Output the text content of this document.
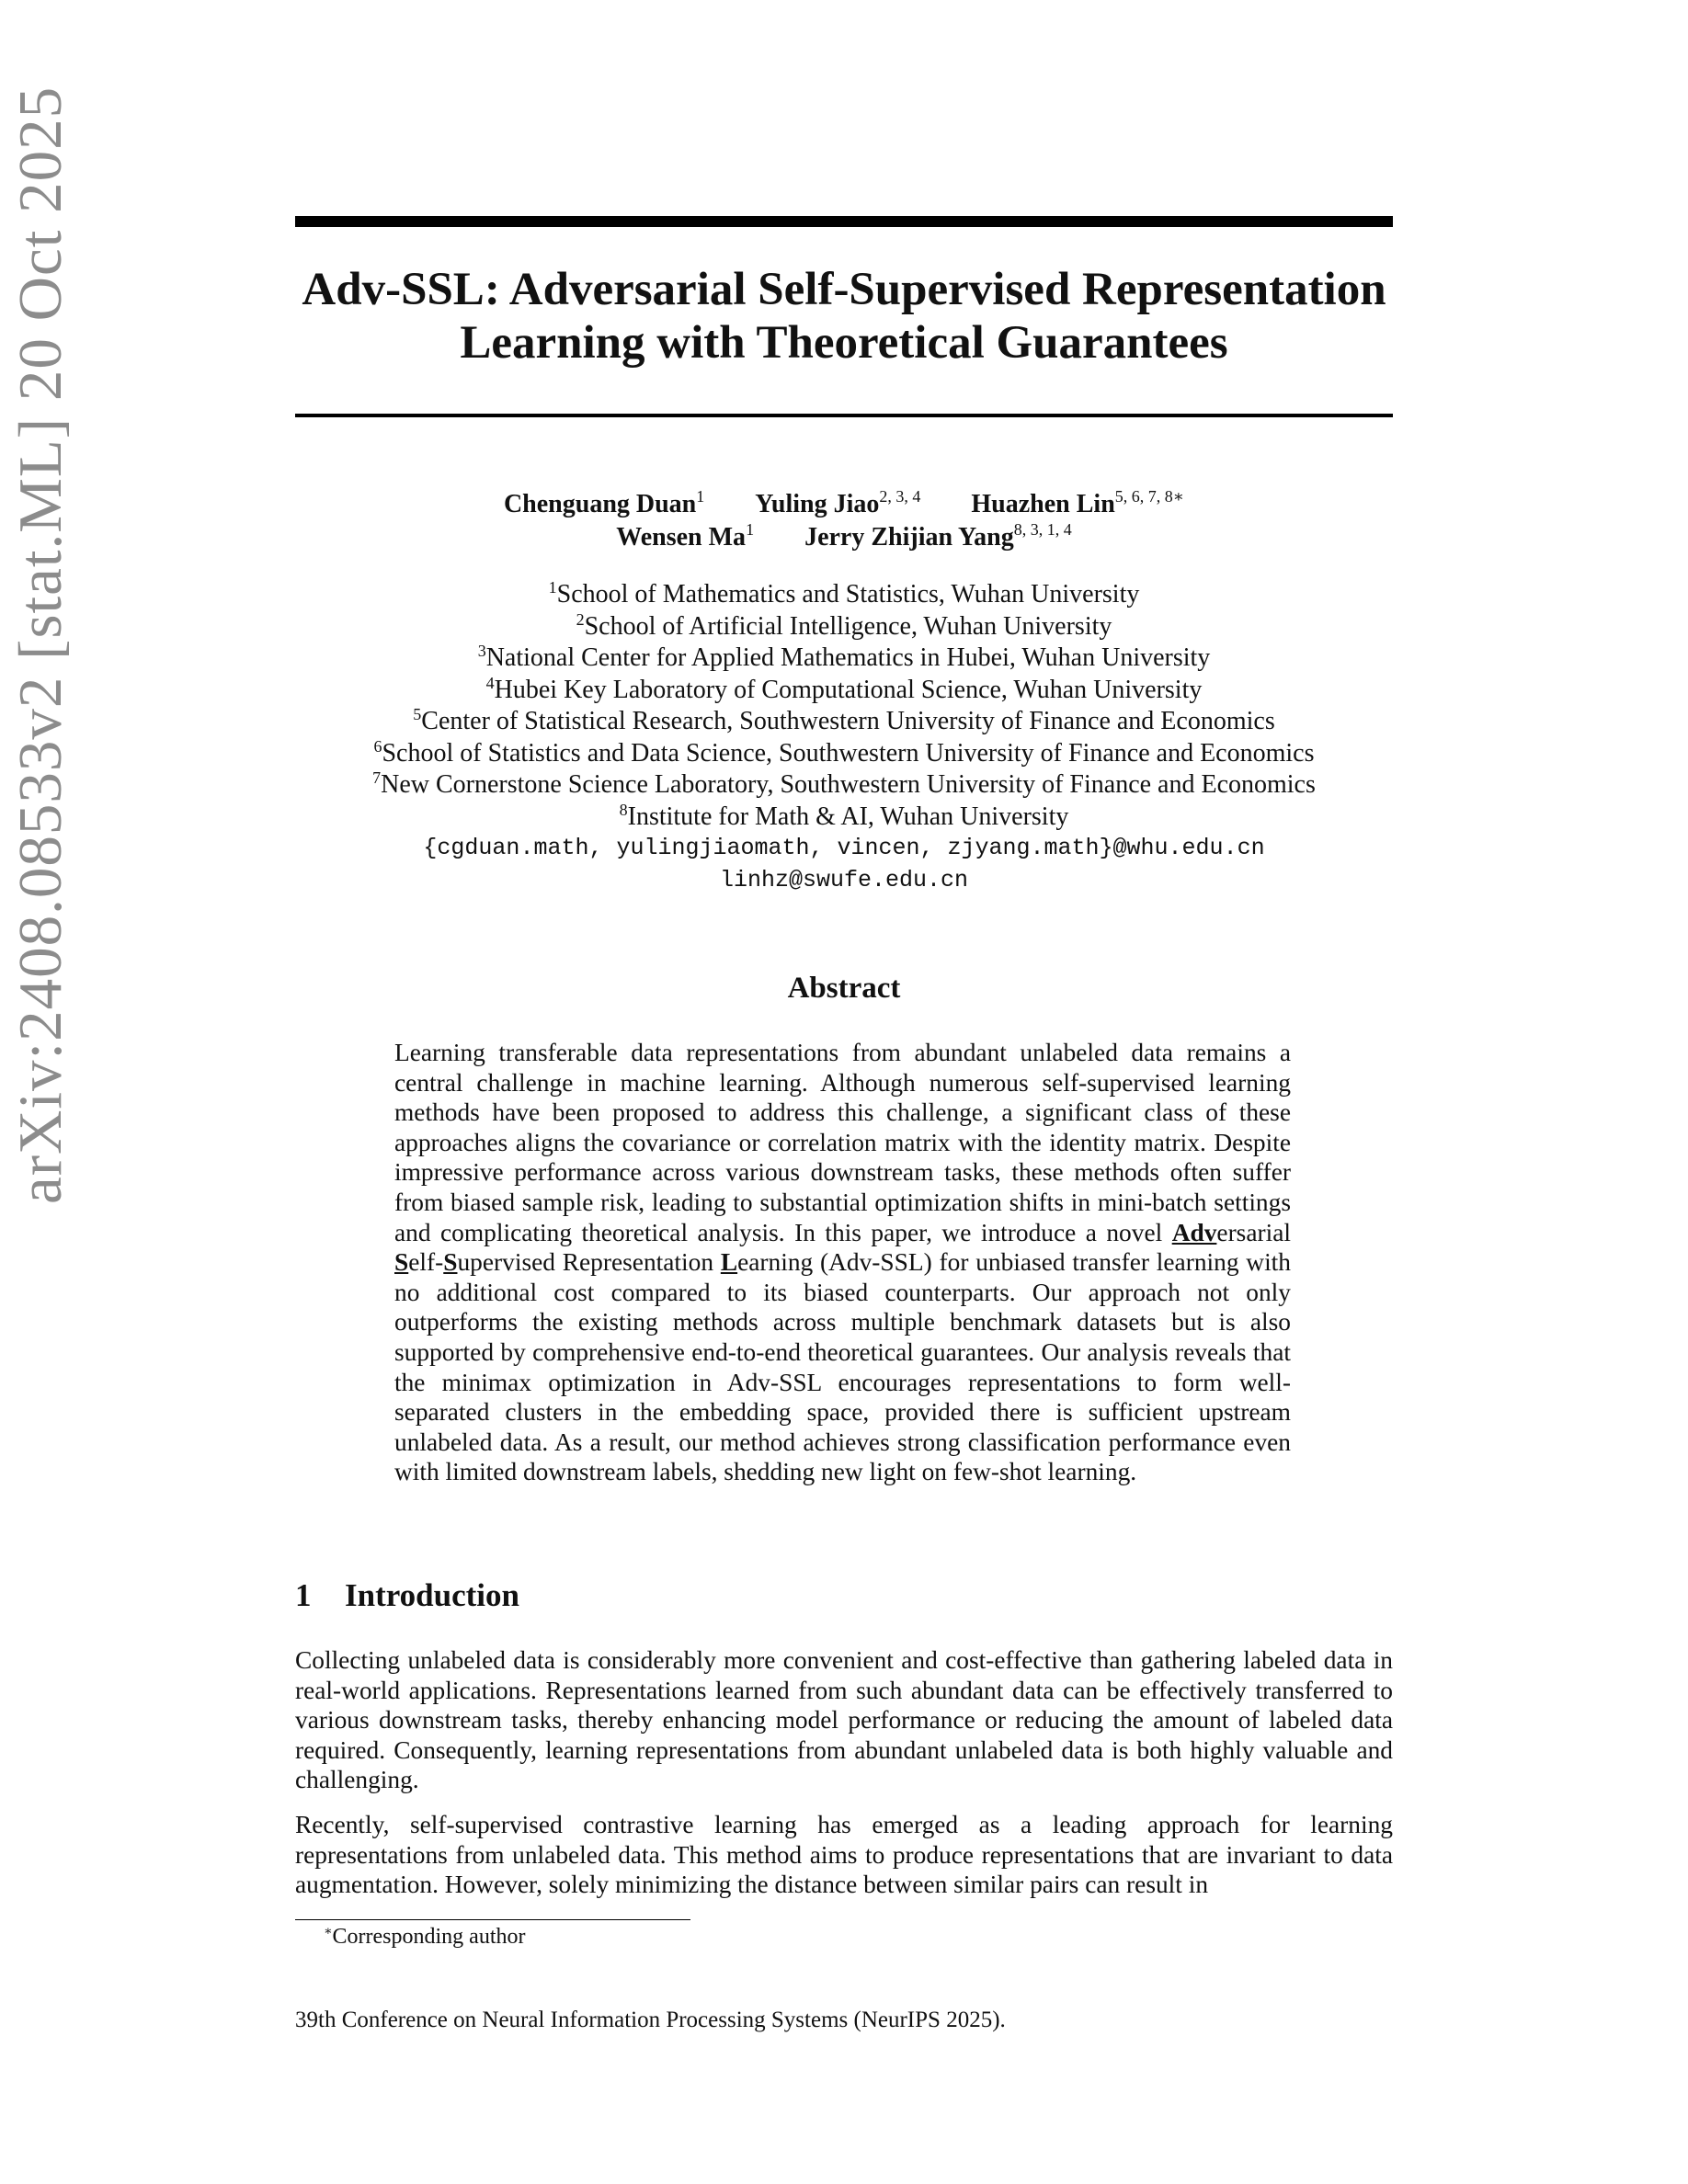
arXiv:2408.08533v2 [stat.ML] 20 Oct 2025	Adv-SSL: Adversarial Self-Supervised Representation
Learning with Theoretical Guarantees
Chenguang Duan$^1$ Yuling Jiao$^{2, 3, 4}$ Huazhen Lin$^{5, 6, 7, 8∗}$
Wensen Ma$^1$ Jerry Zhijian Yang$^{8, 3, 1, 4}$
$^1$School of Mathematics and Statistics, Wuhan University
$^2$School of Artificial Intelligence, Wuhan University
$^3$National Center for Applied Mathematics in Hubei, Wuhan University
$^4$Hubei Key Laboratory of Computational Science, Wuhan University
$^5$Center of Statistical Research, Southwestern University of Finance and Economics
$^6$School of Statistics and Data Science, Southwestern University of Finance and Economics
$^7$New Cornerstone Science Laboratory, Southwestern University of Finance and Economics
$^8$Institute for Math & AI, Wuhan University
{cgduan.math, yulingjiaomath, vincen, zjyang.math}@whu.edu.cn
linhz@swufe.edu.cn
Abstract
Learning transferable data representations from abundant unlabeled data remains a central challenge in machine learning. Although numerous self-supervised learning methods have been proposed to address this challenge, a significant class of these approaches aligns the covariance or correlation matrix with the identity matrix. Despite impressive performance across various downstream tasks, these methods often suffer from biased sample risk, leading to substantial optimization shifts in mini-batch settings and complicating theoretical analysis. In this paper, we introduce a novel Adversarial Self-Supervised Representation Learning (Adv-SSL) for unbiased transfer learning with no additional cost compared to its biased counterparts. Our approach not only outperforms the existing methods across multiple benchmark datasets but is also supported by comprehensive end-to-end theoretical guarantees. Our analysis reveals that the minimax optimization in Adv-SSL encourages representations to form well-separated clusters in the embedding space, provided there is sufficient upstream unlabeled data. As a result, our method achieves strong classification performance even with limited downstream labels, shedding new light on few-shot learning.
1 Introduction
Collecting unlabeled data is considerably more convenient and cost-effective than gathering labeled data in real-world applications. Representations learned from such abundant data can be effectively transferred to various downstream tasks, thereby enhancing model performance or reducing the amount of labeled data required. Consequently, learning representations from abundant unlabeled data is both highly valuable and challenging.
Recently, self-supervised contrastive learning has emerged as a leading approach for learning representations from unlabeled data. This method aims to produce representations that are invariant to data augmentation. However, solely minimizing the distance between similar pairs can result in
∗Corresponding author
39th Conference on Neural Information Processing Systems (NeurIPS 2025).
